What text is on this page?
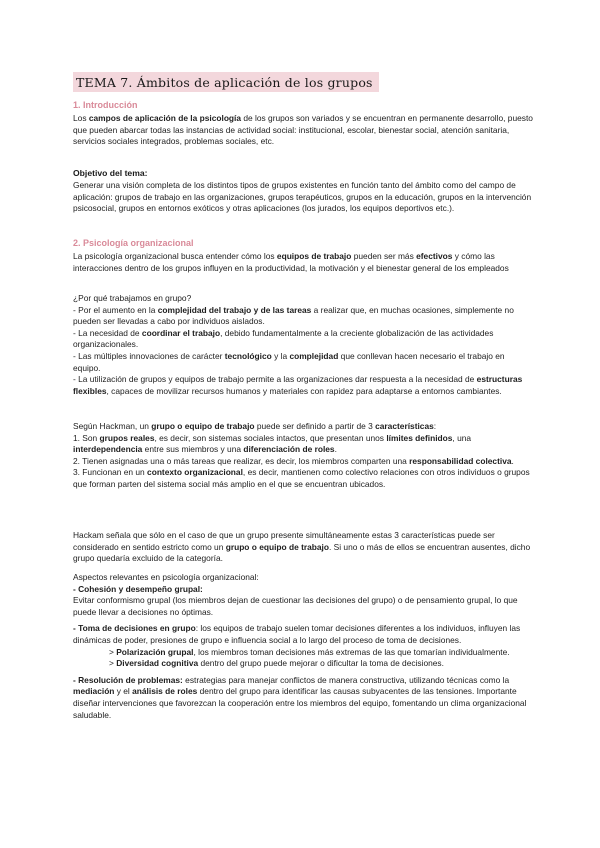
TEMA 7. Ámbitos de aplicación de los grupos
1. Introducción
Los campos de aplicación de la psicología de los grupos son variados y se encuentran en permanente desarrollo, puesto que pueden abarcar todas las instancias de actividad social: institucional, escolar, bienestar social, atención sanitaria, servicios sociales integrados, problemas sociales, etc.
Objetivo del tema:
Generar una visión completa de los distintos tipos de grupos existentes en función tanto del ámbito como del campo de aplicación: grupos de trabajo en las organizaciones, grupos terapéuticos, grupos en la educación, grupos en la intervención psicosocial, grupos en entornos exóticos y otras aplicaciones (los jurados, los equipos deportivos etc.).
2. Psicología organizacional
La psicología organizacional busca entender cómo los equipos de trabajo pueden ser más efectivos y cómo las interacciones dentro de los grupos influyen en la productividad, la motivación y el bienestar general de los empleados
¿Por qué trabajamos en grupo?
- Por el aumento en la complejidad del trabajo y de las tareas a realizar que, en muchas ocasiones, simplemente no pueden ser llevadas a cabo por individuos aislados.
- La necesidad de coordinar el trabajo, debido fundamentalmente a la creciente globalización de las actividades organizacionales.
- Las múltiples innovaciones de carácter tecnológico y la complejidad que conllevan hacen necesario el trabajo en equipo.
- La utilización de grupos y equipos de trabajo permite a las organizaciones dar respuesta a la necesidad de estructuras flexibles, capaces de movilizar recursos humanos y materiales con rapidez para adaptarse a entornos cambiantes.
Según Hackman, un grupo o equipo de trabajo puede ser definido a partir de 3 características:
1. Son grupos reales, es decir, son sistemas sociales intactos, que presentan unos límites definidos, una interdependencia entre sus miembros y una diferenciación de roles.
2. Tienen asignadas una o más tareas que realizar, es decir, los miembros comparten una responsabilidad colectiva.
3. Funcionan en un contexto organizacional, es decir, mantienen como colectivo relaciones con otros individuos o grupos que forman parten del sistema social más amplio en el que se encuentran ubicados.
Hackam señala que sólo en el caso de que un grupo presente simultáneamente estas 3 características puede ser considerado en sentido estricto como un grupo o equipo de trabajo. Si uno o más de ellos se encuentran ausentes, dicho grupo quedaría excluido de la categoría.
Aspectos relevantes en psicología organizacional:
- Cohesión y desempeño grupal:
Evitar conformismo grupal (los miembros dejan de cuestionar las decisiones del grupo) o de pensamiento grupal, lo que puede llevar a decisiones no óptimas.
- Toma de decisiones en grupo: los equipos de trabajo suelen tomar decisiones diferentes a los individuos, influyen las dinámicas de poder, presiones de grupo e influencia social a lo largo del proceso de toma de decisiones.
> Polarización grupal, los miembros toman decisiones más extremas de las que tomarían individualmente.
> Diversidad cognitiva dentro del grupo puede mejorar o dificultar la toma de decisiones.
- Resolución de problemas: estrategias para manejar conflictos de manera constructiva, utilizando técnicas como la mediación y el análisis de roles dentro del grupo para identificar las causas subyacentes de las tensiones. Importante diseñar intervenciones que favorezcan la cooperación entre los miembros del equipo, fomentando un clima organizacional saludable.
